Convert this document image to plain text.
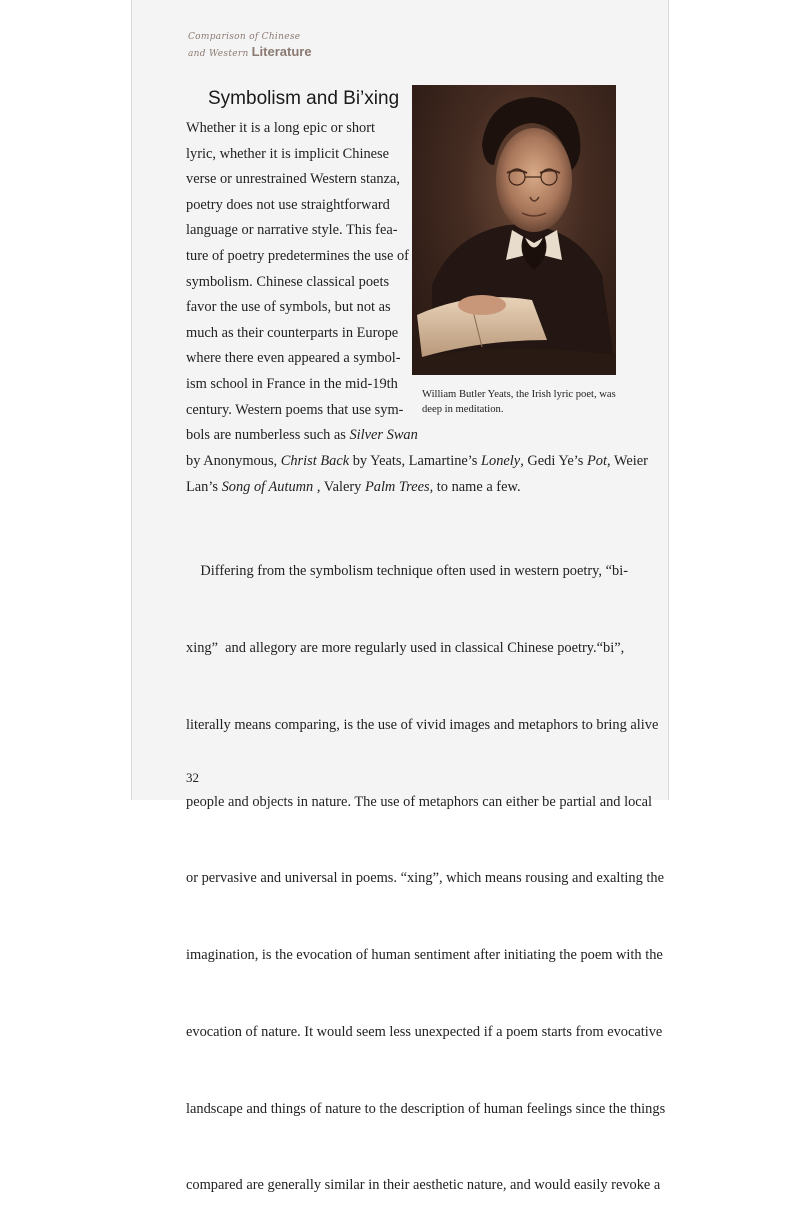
Comparison of Chinese
and Western Literature
Symbolism and Bi’xing
Whether it is a long epic or short
lyric, whether it is implicit Chinese
verse or unrestrained Western stanza,
poetry does not use straightforward
language or narrative style. This fea-
ture of poetry predetermines the use of
symbolism. Chinese classical poets
favor the use of symbols, but not as
much as their counterparts in Europe
where there even appeared a symbol-
ism school in France in the mid-19th
century. Western poems that use sym-
bols are numberless such as Silver Swan
by Anonymous, Christ Back by Yeats, Lamartine’s Lonely, Gedi Ye’s Pot, Weier
Lan’s Song of Autumn , Valery Palm Trees, to name a few.

Differing from the symbolism technique often used in western poetry, “bi-

xing”  and allegory are more regularly used in classical Chinese poetry.“bi”,

literally means comparing, is the use of vivid images and metaphors to bring alive

people and objects in nature. The use of metaphors can either be partial and local

or pervasive and universal in poems. “xing”, which means rousing and exalting the

imagination, is the evocation of human sentiment after initiating the poem with the

evocation of nature. It would seem less unexpected if a poem starts from evocative

landscape and things of nature to the description of human feelings since the things

compared are generally similar in their aesthetic nature, and would easily revoke a

William Butler Yeats, the Irish lyric poet, was
deep in meditation.
32
